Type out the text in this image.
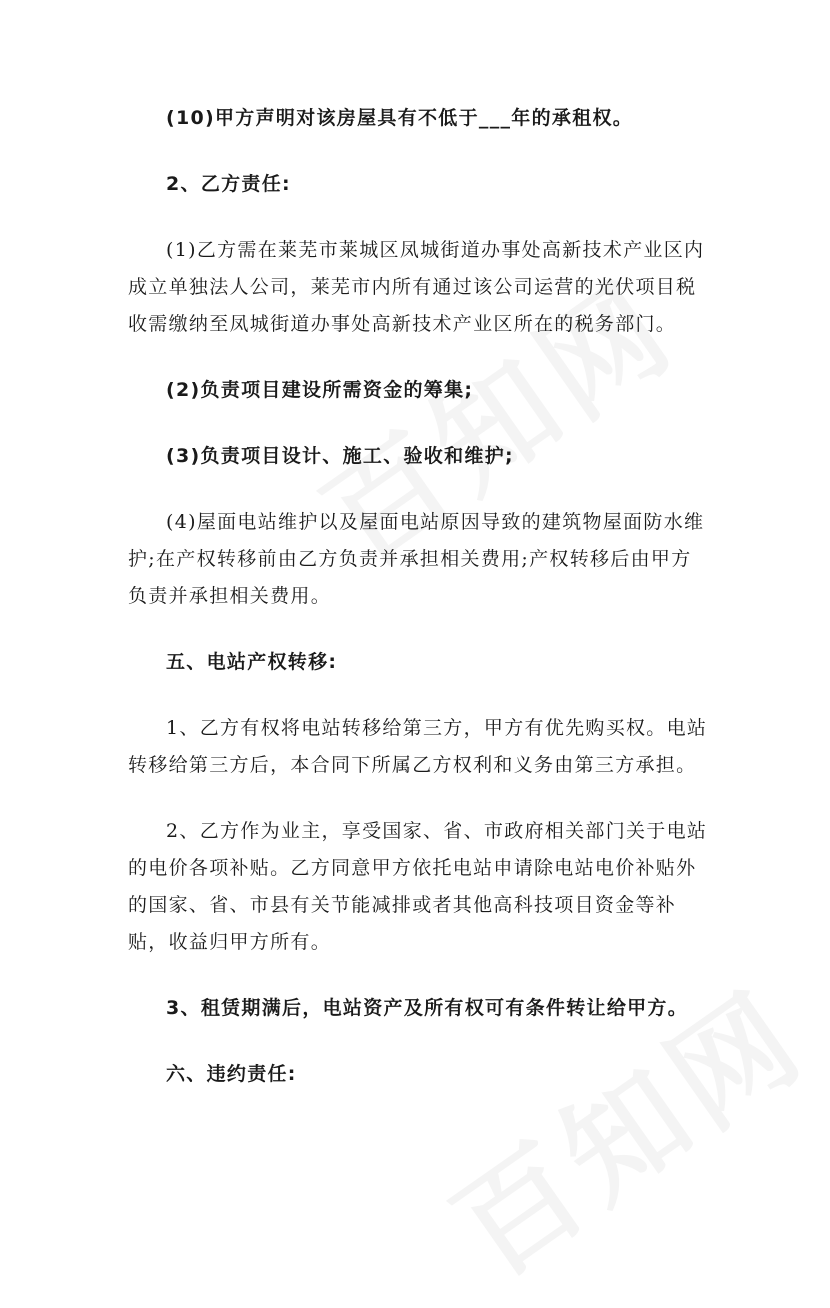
(10)甲方声明对该房屋具有不低于___年的承租权。

2、乙方责任:

(1)乙方需在莱芜市莱城区凤城街道办事处高新技术产业区内成立单独法人公司，莱芜市内所有通过该公司运营的光伏项目税收需缴纳至凤城街道办事处高新技术产业区所在的税务部门。

(2)负责项目建设所需资金的筹集;

(3)负责项目设计、施工、验收和维护;

(4)屋面电站维护以及屋面电站原因导致的建筑物屋面防水维护;在产权转移前由乙方负责并承担相关费用;产权转移后由甲方负责并承担相关费用。

五、电站产权转移:

1、乙方有权将电站转移给第三方，甲方有优先购买权。电站转移给第三方后，本合同下所属乙方权利和义务由第三方承担。

2、乙方作为业主，享受国家、省、市政府相关部门关于电站的电价各项补贴。乙方同意甲方依托电站申请除电站电价补贴外的国家、省、市县有关节能减排或者其他高科技项目资金等补贴，收益归甲方所有。

3、租赁期满后，电站资产及所有权可有条件转让给甲方。

六、违约责任:
